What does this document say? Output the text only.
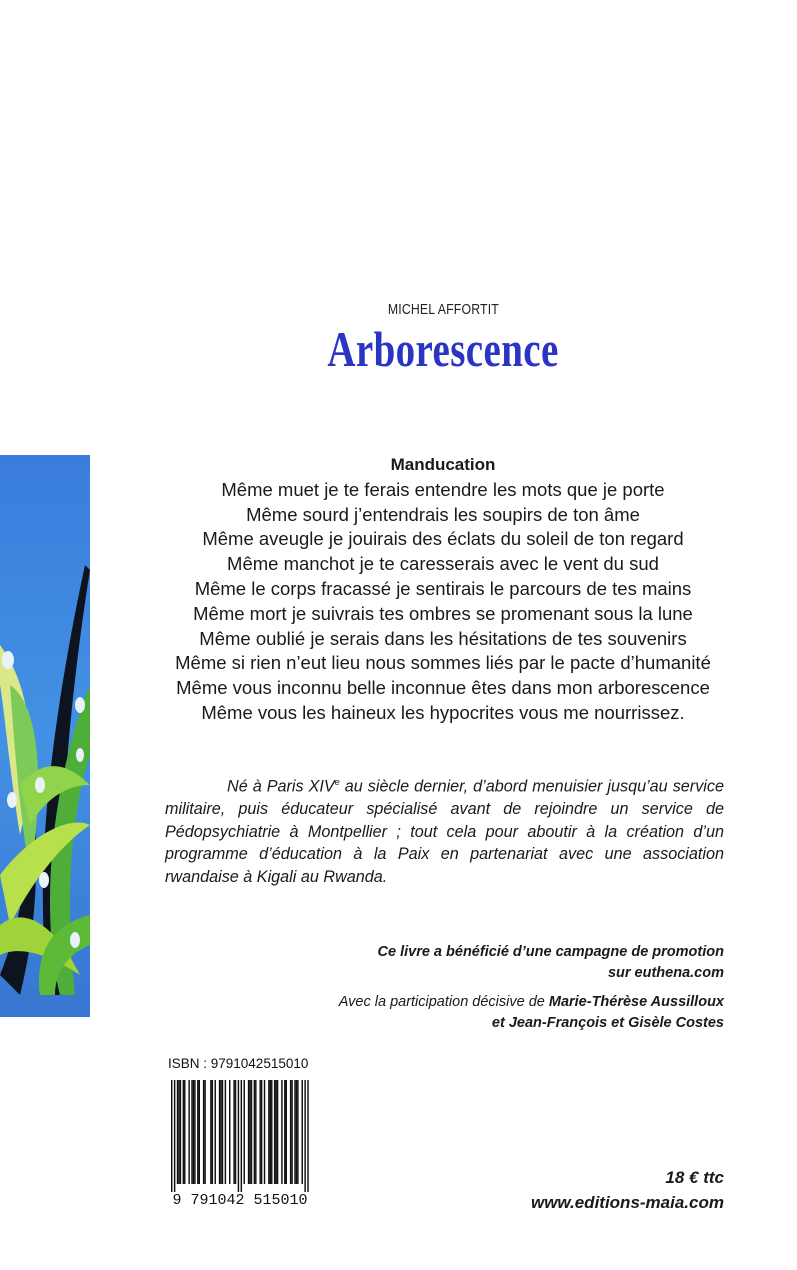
MICHEL AFFORTIT
Arborescence
Manducation
Même muet je te ferais entendre les mots que je porte
Même sourd j’entendrais les soupirs de ton âme
Même aveugle je jouirais des éclats du soleil de ton regard
Même manchot je te caresserais avec le vent du sud
Même le corps fracassé je sentirais le parcours de tes mains
Même mort je suivrais tes ombres se promenant sous la lune
Même oublié je serais dans les hésitations de tes souvenirs
Même si rien n’eut lieu nous sommes liés par le pacte d’humanité
Même vous inconnu belle inconnue êtes dans mon arborescence
Même vous les haineux les hypocrites vous me nourrissez.
Né à Paris XIVe au siècle dernier, d’abord menuisier jusqu’au service militaire, puis éducateur spécialisé avant de rejoindre un service de Pédopsychiatrie à Montpellier ; tout cela pour aboutir à la création d’un programme d’éducation à la Paix en partenariat avec une association rwandaise à Kigali au Rwanda.
Ce livre a bénéficié d’une campagne de promotion
sur euthena.com
Avec la participation décisive de Marie-Thérèse Aussilloux
et Jean-François et Gisèle Costes
ISBN : 9791042515010
9 791042 515010
18 € ttc
www.editions-maia.com
